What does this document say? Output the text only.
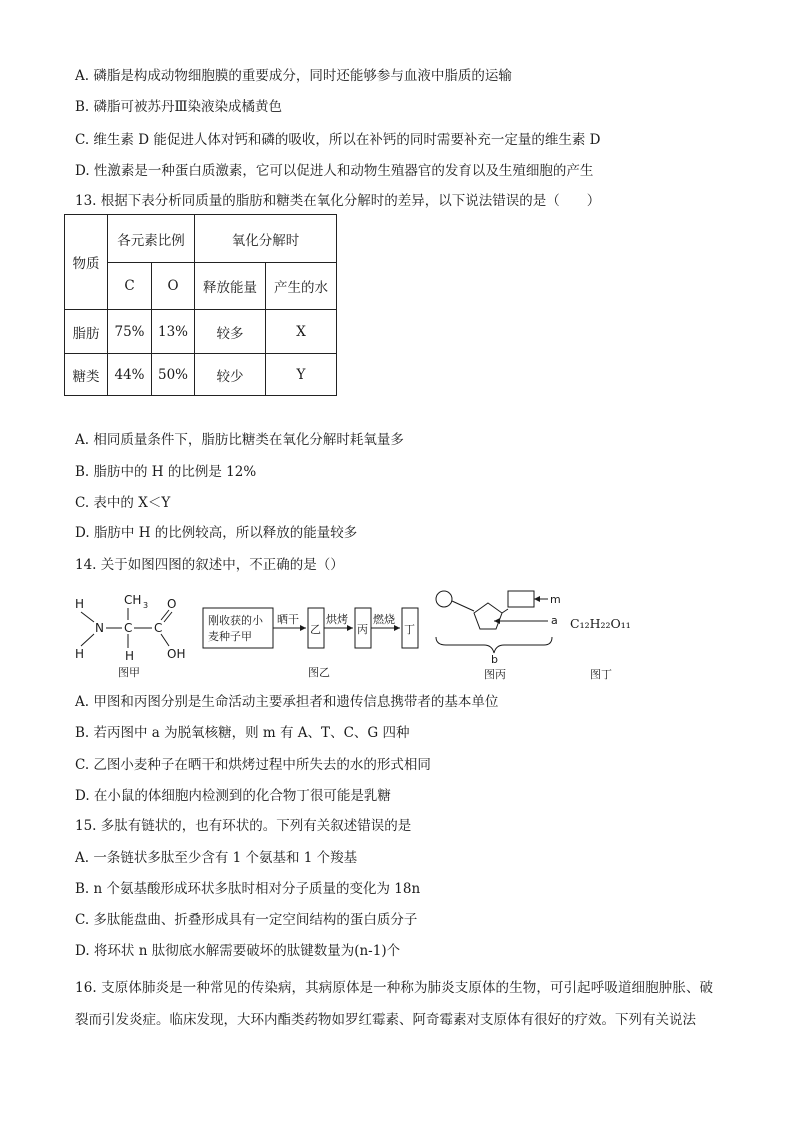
A. 磷脂是构成动物细胞膜的重要成分，同时还能够参与血液中脂质的运输
B. 磷脂可被苏丹Ⅲ染液染成橘黄色
C. 维生素 D 能促进人体对钙和磷的吸收，所以在补钙的同时需要补充一定量的维生素 D
D. 性激素是一种蛋白质激素，它可以促进人和动物生殖器官的发育以及生殖细胞的产生
13. 根据下表分析同质量的脂肪和糖类在氧化分解时的差异，以下说法错误的是（　　）
物质	各元素比例		氧化分解时	
	C	O	释放能量	产生的水
脂肪	75%	13%	较多	X
糖类	44%	50%	较少	Y
A. 相同质量条件下，脂肪比糖类在氧化分解时耗氧量多
B. 脂肪中的 H 的比例是 12%
C. 表中的 X＜Y
D. 脂肪中 H 的比例较高，所以释放的能量较多
14. 关于如图四图的叙述中，不正确的是（）
H
N
H
C
CH 3
H
C
O
OH
图甲
刚收获的小
麦种子甲
晒干
乙
烘烤
丙
燃烧
丁
图乙
m
a
b
图丙
C₁₂H₂₂O₁₁
图丁
A. 甲图和丙图分别是生命活动主要承担者和遗传信息携带者的基本单位
B. 若丙图中 a 为脱氧核糖，则 m 有 A、T、C、G 四种
C. 乙图小麦种子在晒干和烘烤过程中所失去的水的形式相同
D. 在小鼠的体细胞内检测到的化合物丁很可能是乳糖
15. 多肽有链状的，也有环状的。下列有关叙述错误的是
A. 一条链状多肽至少含有 1 个氨基和 1 个羧基
B. n 个氨基酸形成环状多肽时相对分子质量的变化为 18n
C. 多肽能盘曲、折叠形成具有一定空间结构的蛋白质分子
D. 将环状 n 肽彻底水解需要破坏的肽键数量为(n-1)个
16. 支原体肺炎是一种常见的传染病，其病原体是一种称为肺炎支原体的生物，可引起呼吸道细胞肿胀、破
裂而引发炎症。临床发现，大环内酯类药物如罗红霉素、阿奇霉素对支原体有很好的疗效。下列有关说法
